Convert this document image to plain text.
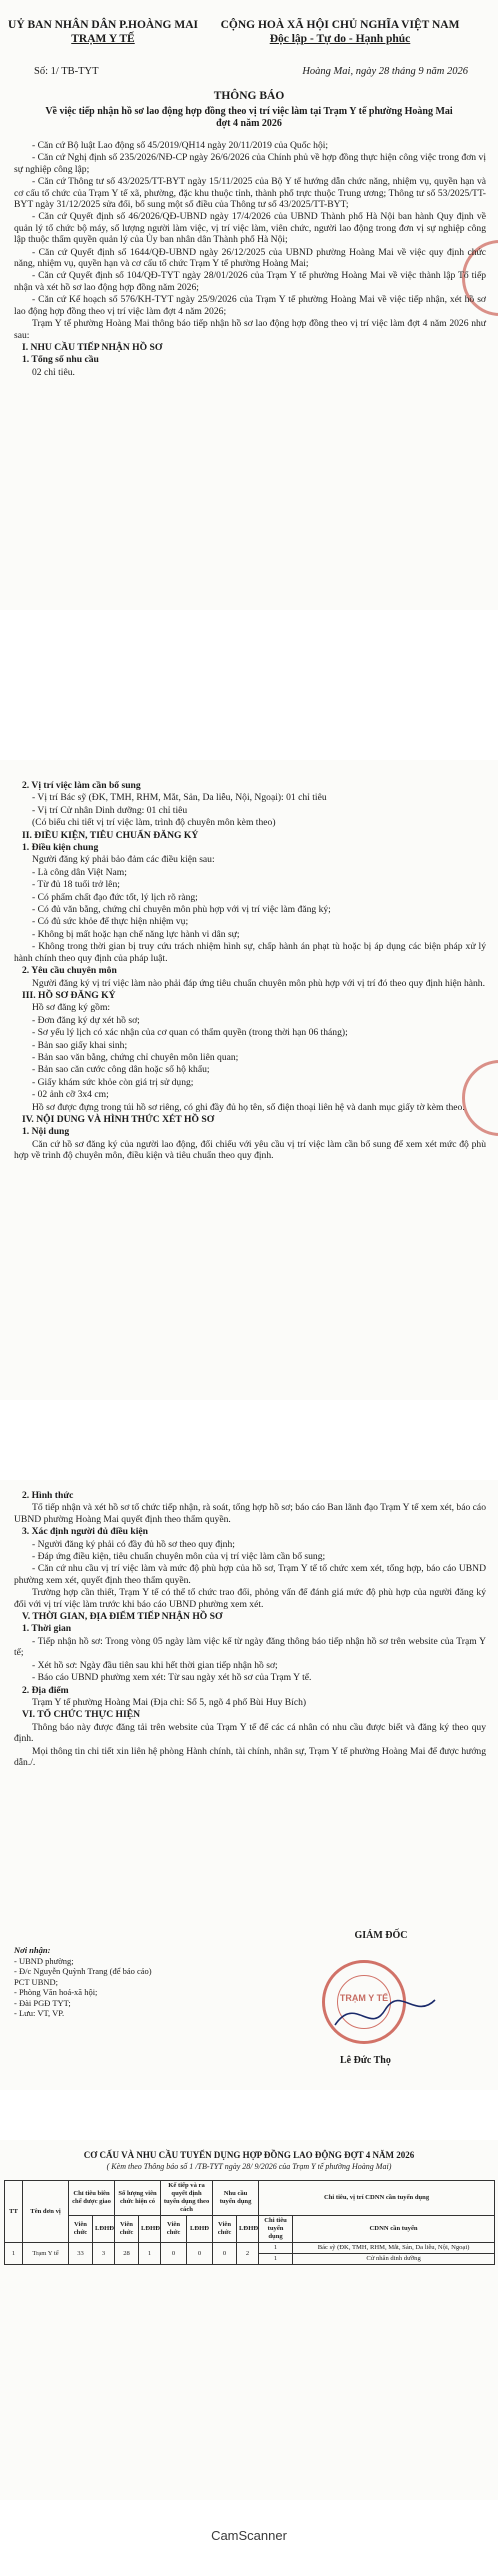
UỶ BAN NHÂN DÂN P.HOÀNG MAI
TRẠM Y TẾ
CỘNG HOÀ XÃ HỘI CHỦ NGHĨA VIỆT NAM
Độc lập - Tự do - Hạnh phúc
Số: 1/ TB-TYT	Hoàng Mai, ngày 28 tháng 9 năm 2026
THÔNG BÁO
Về việc tiếp nhận hồ sơ lao động hợp đồng theo vị trí việc làm tại Trạm Y tế phường Hoàng Mai đợt 4 năm 2026

- Căn cứ Bộ luật Lao động số 45/2019/QH14 ngày 20/11/2019 của Quốc hội;

- Căn cứ Nghị định số 235/2026/NĐ-CP ngày 26/6/2026 của Chính phủ về hợp đồng thực hiện công việc trong đơn vị sự nghiệp công lập;

- Căn cứ Thông tư số 43/2025/TT-BYT ngày 15/11/2025 của Bộ Y tế hướng dẫn chức năng, nhiệm vụ, quyền hạn và cơ cấu tổ chức của Trạm Y tế xã, phường, đặc khu thuộc tỉnh, thành phố trực thuộc Trung ương; Thông tư số 53/2025/TT-BYT ngày 31/12/2025 sửa đổi, bổ sung một số điều của Thông tư số 43/2025/TT-BYT;

- Căn cứ Quyết định số 46/2026/QĐ-UBND ngày 17/4/2026 của UBND Thành phố Hà Nội ban hành Quy định về quản lý tổ chức bộ máy, số lượng người làm việc, vị trí việc làm, viên chức, người lao động trong đơn vị sự nghiệp công lập thuộc thẩm quyền quản lý của Ủy ban nhân dân Thành phố Hà Nội;

- Căn cứ Quyết định số 1644/QĐ-UBND ngày 26/12/2025 của UBND phường Hoàng Mai về việc quy định chức năng, nhiệm vụ, quyền hạn và cơ cấu tổ chức Trạm Y tế phường Hoàng Mai;

- Căn cứ Quyết định số 104/QĐ-TYT ngày 28/01/2026 của Trạm Y tế phường Hoàng Mai về việc thành lập Tổ tiếp nhận và xét hồ sơ lao động hợp đồng năm 2026;

- Căn cứ Kế hoạch số 576/KH-TYT ngày 25/9/2026 của Trạm Y tế phường Hoàng Mai về việc tiếp nhận, xét hồ sơ lao động hợp đồng theo vị trí việc làm đợt 4 năm 2026;

Trạm Y tế phường Hoàng Mai thông báo tiếp nhận hồ sơ lao động hợp đồng theo vị trí việc làm đợt 4 năm 2026 như sau:

I. NHU CẦU TIẾP NHẬN HỒ SƠ

1. Tổng số nhu cầu

02 chỉ tiêu.

2. Vị trí việc làm cần bổ sung

- Vị trí Bác sỹ (ĐK, TMH, RHM, Mắt, Sản, Da liễu, Nội, Ngoại): 01 chỉ tiêu

- Vị trí Cử nhân Dinh dưỡng: 01 chỉ tiêu

(Có biểu chi tiết vị trí việc làm, trình độ chuyên môn kèm theo)

II. ĐIỀU KIỆN, TIÊU CHUẨN ĐĂNG KÝ

1. Điều kiện chung

Người đăng ký phải bảo đảm các điều kiện sau:

- Là công dân Việt Nam;

- Từ đủ 18 tuổi trở lên;

- Có phẩm chất đạo đức tốt, lý lịch rõ ràng;

- Có đủ văn bằng, chứng chỉ chuyên môn phù hợp với vị trí việc làm đăng ký;

- Có đủ sức khỏe để thực hiện nhiệm vụ;

- Không bị mất hoặc hạn chế năng lực hành vi dân sự;

- Không trong thời gian bị truy cứu trách nhiệm hình sự, chấp hành án phạt tù hoặc bị áp dụng các biện pháp xử lý hành chính theo quy định của pháp luật.

2. Yêu cầu chuyên môn

Người đăng ký vị trí việc làm nào phải đáp ứng tiêu chuẩn chuyên môn phù hợp với vị trí đó theo quy định hiện hành.

III. HỒ SƠ ĐĂNG KÝ

Hồ sơ đăng ký gồm:

- Đơn đăng ký dự xét hồ sơ;

- Sơ yếu lý lịch có xác nhận của cơ quan có thẩm quyền (trong thời hạn 06 tháng);

- Bản sao giấy khai sinh;

- Bản sao văn bằng, chứng chỉ chuyên môn liên quan;

- Bản sao căn cước công dân hoặc sổ hộ khẩu;

- Giấy khám sức khỏe còn giá trị sử dụng;

- 02 ảnh cỡ 3x4 cm;

Hồ sơ được đựng trong túi hồ sơ riêng, có ghi đầy đủ họ tên, số điện thoại liên hệ và danh mục giấy tờ kèm theo.

IV. NỘI DUNG VÀ HÌNH THỨC XÉT HỒ SƠ

1. Nội dung

Căn cứ hồ sơ đăng ký của người lao động, đối chiếu với yêu cầu vị trí việc làm cần bổ sung để xem xét mức độ phù hợp về trình độ chuyên môn, điều kiện và tiêu chuẩn theo quy định.

2. Hình thức

Tổ tiếp nhận và xét hồ sơ tổ chức tiếp nhận, rà soát, tổng hợp hồ sơ; báo cáo Ban lãnh đạo Trạm Y tế xem xét, báo cáo UBND phường Hoàng Mai quyết định theo thẩm quyền.

3. Xác định người đủ điều kiện

- Người đăng ký phải có đầy đủ hồ sơ theo quy định;

- Đáp ứng điều kiện, tiêu chuẩn chuyên môn của vị trí việc làm cần bổ sung;

- Căn cứ nhu cầu vị trí việc làm và mức độ phù hợp của hồ sơ, Trạm Y tế tổ chức xem xét, tổng hợp, báo cáo UBND phường xem xét, quyết định theo thẩm quyền.

Trường hợp cần thiết, Trạm Y tế có thể tổ chức trao đổi, phỏng vấn để đánh giá mức độ phù hợp của người đăng ký đối với vị trí việc làm trước khi báo cáo UBND phường xem xét.

V. THỜI GIAN, ĐỊA ĐIỂM TIẾP NHẬN HỒ SƠ

1. Thời gian

- Tiếp nhận hồ sơ: Trong vòng 05 ngày làm việc kể từ ngày đăng thông báo tiếp nhận hồ sơ trên website của Trạm Y tế;

- Xét hồ sơ: Ngày đầu tiên sau khi hết thời gian tiếp nhận hồ sơ;

- Báo cáo UBND phường xem xét: Từ sau ngày xét hồ sơ của Trạm Y tế.

2. Địa điểm

Trạm Y tế phường Hoàng Mai (Địa chỉ: Số 5, ngõ 4 phố Bùi Huy Bích)

VI. TỔ CHỨC THỰC HIỆN

Thông báo này được đăng tải trên website của Trạm Y tế để các cá nhân có nhu cầu được biết và đăng ký theo quy định.

Mọi thông tin chi tiết xin liên hệ phòng Hành chính, tài chính, nhân sự, Trạm Y tế phường Hoàng Mai để được hướng dẫn./.

Nơi nhận:
- UBND phường;
- Đ/c Nguyễn Quỳnh Trang (để báo cáo)
PCT UBND;
- Phòng Văn hoá-xã hội;
- Đài PGĐ TYT;
- Lưu: VT, VP.
GIÁM ĐỐC
TRẠM Y TẾ
Lê Đức Thọ
CƠ CẤU VÀ NHU CẦU TUYỂN DỤNG HỢP ĐỒNG LAO ĐỘNG ĐỢT 4 NĂM 2026
( Kèm theo Thông báo số 1 /TB-TYT ngày 28/ 9/2026 của Trạm Y tế phường Hoàng Mai)
TT	Tên đơn vị	Chỉ tiêu biên chế được giao		Số lượng viên chức hiện có		Kế tiếp và ra quyết định tuyển dụng theo cách		Nhu cầu tuyển dụng		Chi tiêu, vị trí CDNN cần tuyển dụng	
		Viên chức	LĐHĐ	Viên chức	LĐHĐ	Viên chức	LĐHĐ	Viên chức	LĐHĐ	Chi tiêu tuyển dụng	CDNN cần tuyển
1	Trạm Y tế	33	3	28	1	0	0	0	2	1	Bác sỹ (ĐK, TMH, RHM, Mắt, Sản, Da liễu, Nội, Ngoại)
										1	Cử nhân dinh dưỡng
CamScanner
